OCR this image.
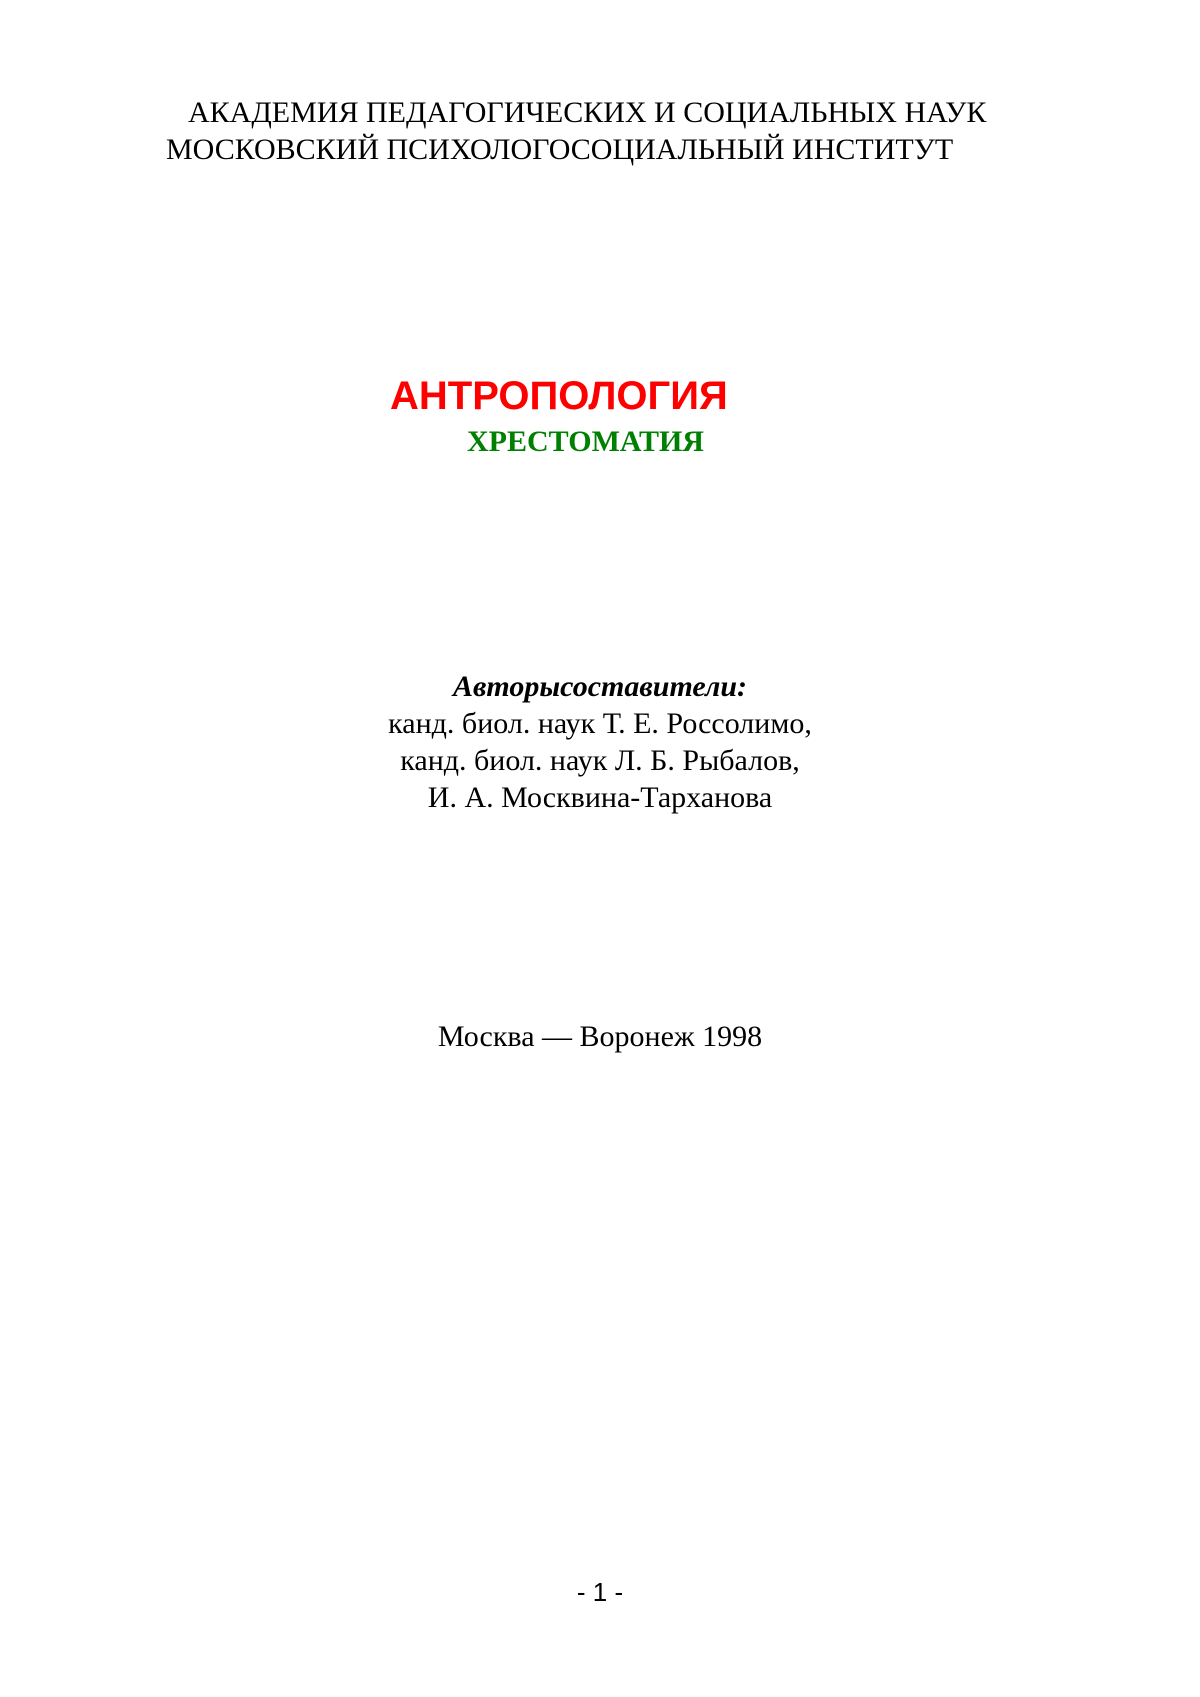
АКАДЕМИЯ ПЕДАГОГИЧЕСКИХ И СОЦИАЛЬНЫХ НАУК
МОСКОВСКИЙ ПСИХОЛОГОСОЦИАЛЬНЫЙ ИНСТИТУТ
АНТРОПОЛОГИЯ
ХРЕСТОМАТИЯ
Авторысоставители:
канд. биол. наук Т. Е. Россолимо,
канд. биол. наук Л. Б. Рыбалов,
И. А. Москвина-Тарханова
Москва — Воронеж 1998
- 1 -
